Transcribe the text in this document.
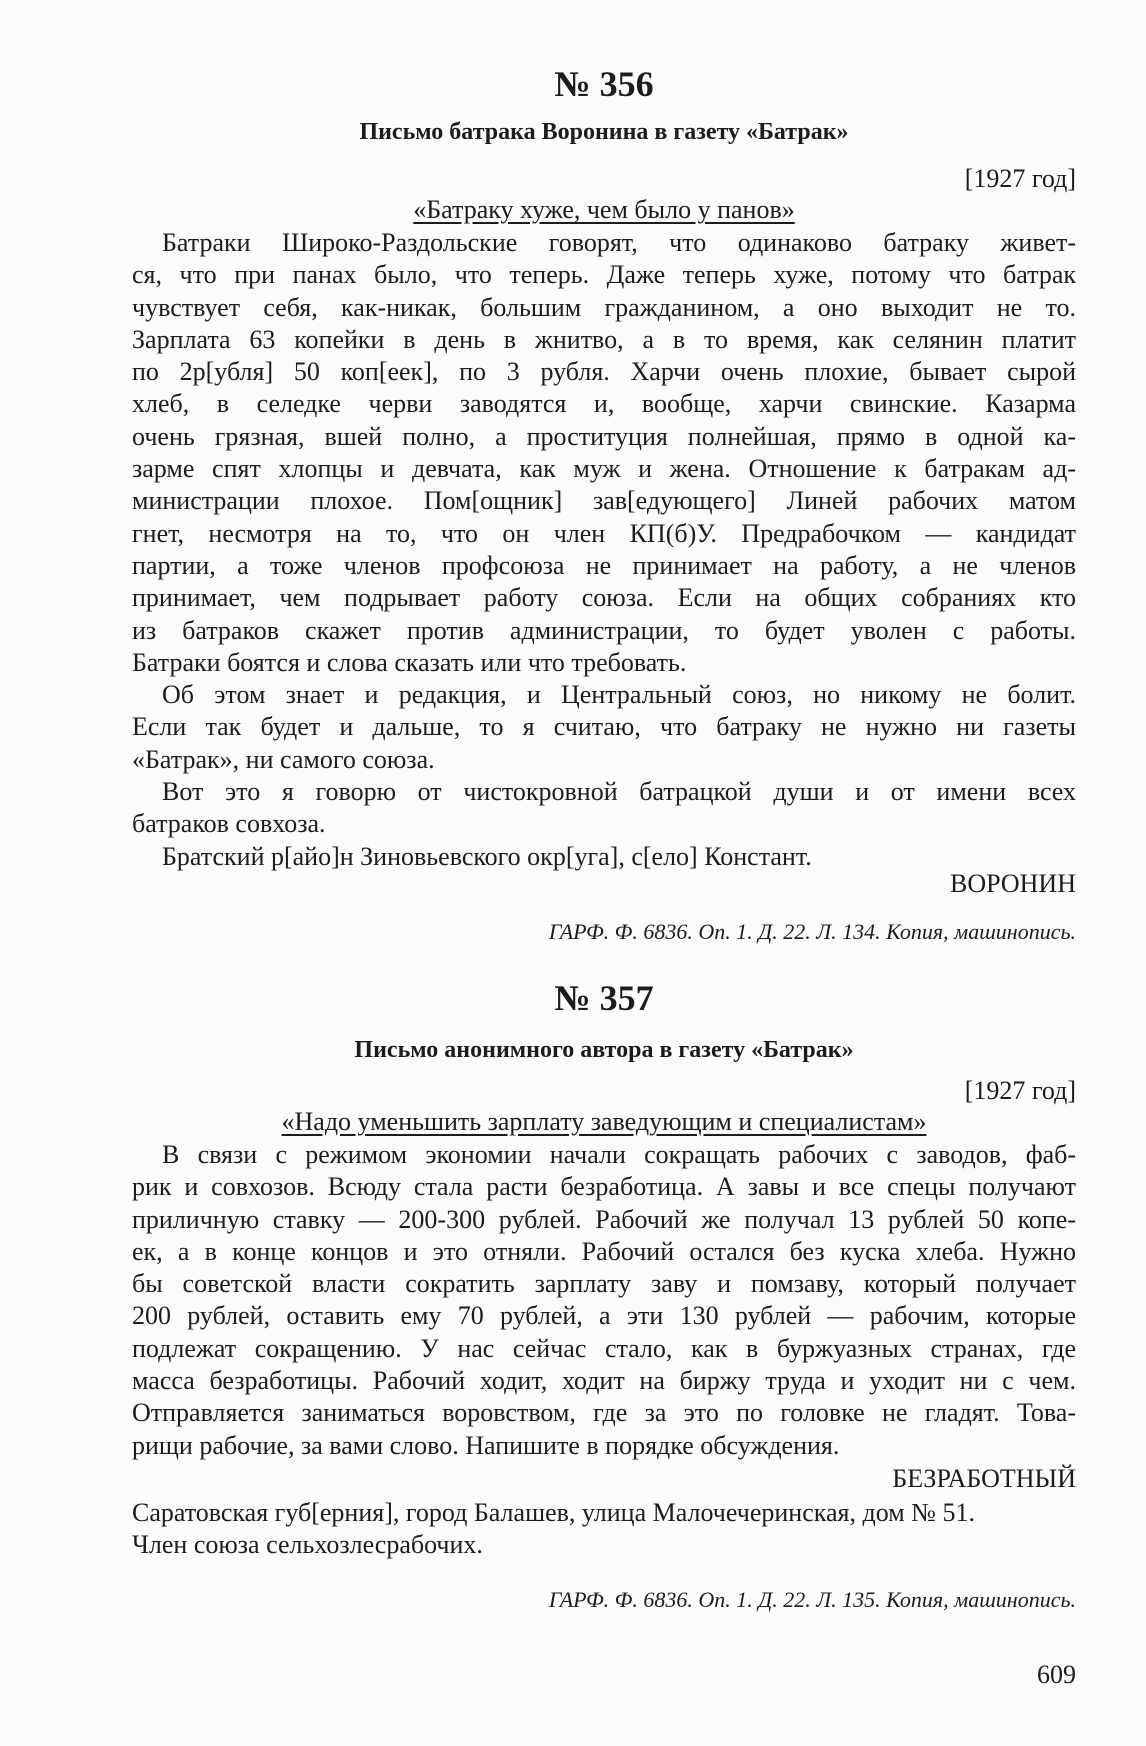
№ 356
Письмо батрака Воронина в газету «Батрак»
[1927 год]
«Батраку хуже, чем было у панов»
Батраки Широко-Раздольские говорят, что одинаково батраку живет-
ся, что при панах было, что теперь. Даже теперь хуже, потому что батрак
чувствует себя, как-никак, большим гражданином, а оно выходит не то.
Зарплата 63 копейки в день в жнитво, а в то время, как селянин платит
по 2р[убля] 50 коп[еек], по 3 рубля. Харчи очень плохие, бывает сырой
хлеб, в селедке черви заводятся и, вообще, харчи свинские. Казарма
очень грязная, вшей полно, а проституция полнейшая, прямо в одной ка-
зарме спят хлопцы и девчата, как муж и жена. Отношение к батракам ад-
министрации плохое. Пом[ощник] зав[едующего] Линей рабочих матом
гнет, несмотря на то, что он член КП(б)У. Предрабочком — кандидат
партии, а тоже членов профсоюза не принимает на работу, а не членов
принимает, чем подрывает работу союза. Если на общих собраниях кто
из батраков скажет против администрации, то будет уволен с работы.
Батраки боятся и слова сказать или что требовать.
Об этом знает и редакция, и Центральный союз, но никому не болит.
Если так будет и дальше, то я считаю, что батраку не нужно ни газеты
«Батрак», ни самого союза.
Вот это я говорю от чистокровной батрацкой души и от имени всех
батраков совхоза.
Братский р[айо]н Зиновьевского окр[уга], с[ело] Констант.
ВОРОНИН
ГАРФ. Ф. 6836. Оп. 1. Д. 22. Л. 134. Копия, машинопись.
№ 357
Письмо анонимного автора в газету «Батрак»
[1927 год]
«Надо уменьшить зарплату заведующим и специалистам»
В связи с режимом экономии начали сокращать рабочих с заводов, фаб-
рик и совхозов. Всюду стала расти безработица. А завы и все спецы получают
приличную ставку — 200-300 рублей. Рабочий же получал 13 рублей 50 копе-
ек, а в конце концов и это отняли. Рабочий остался без куска хлеба. Нужно
бы советской власти сократить зарплату заву и помзаву, который получает
200 рублей, оставить ему 70 рублей, а эти 130 рублей — рабочим, которые
подлежат сокращению. У нас сейчас стало, как в буржуазных странах, где
масса безработицы. Рабочий ходит, ходит на биржу труда и уходит ни с чем.
Отправляется заниматься воровством, где за это по головке не гладят. Това-
рищи рабочие, за вами слово. Напишите в порядке обсуждения.
БЕЗРАБОТНЫЙ
Саратовская губ[ерния], город Балашев, улица Малочечеринская, дом № 51.
Член союза сельхозлесрабочих.
ГАРФ. Ф. 6836. Оп. 1. Д. 22. Л. 135. Копия, машинопись.
609
